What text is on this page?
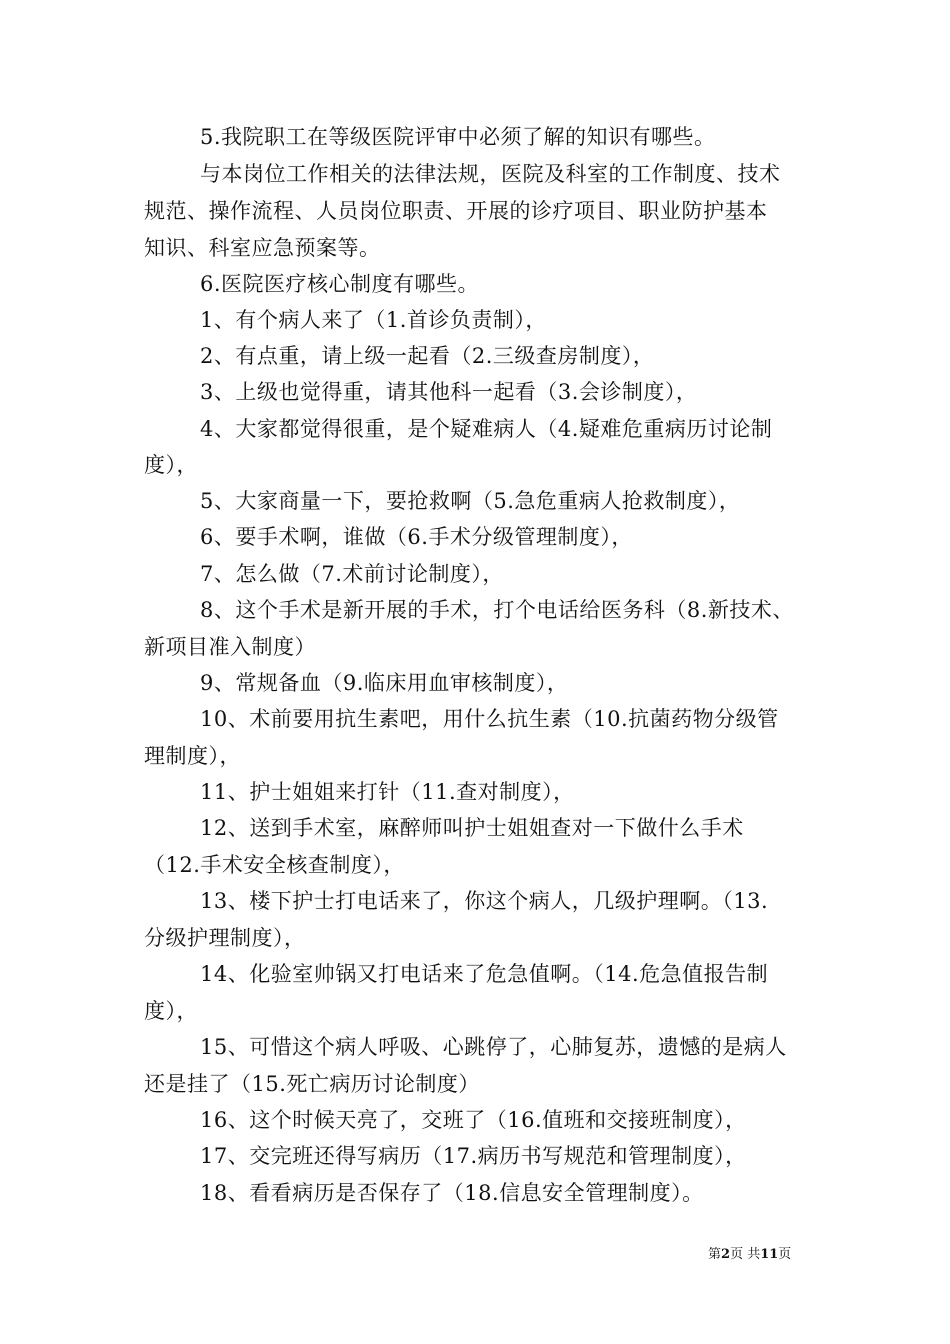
5.我院职工在等级医院评审中必须了解的知识有哪些。
与本岗位工作相关的法律法规，医院及科室的工作制度、技术
规范、操作流程、人员岗位职责、开展的诊疗项目、职业防护基本
知识、科室应急预案等。
6.医院医疗核心制度有哪些。
1、有个病人来了（1.首诊负责制），
2、有点重，请上级一起看（2.三级查房制度），
3、上级也觉得重，请其他科一起看（3.会诊制度），
4、大家都觉得很重，是个疑难病人（4.疑难危重病历讨论制
度），
5、大家商量一下，要抢救啊（5.急危重病人抢救制度），
6、要手术啊，谁做（6.手术分级管理制度），
7、怎么做（7.术前讨论制度），
8、这个手术是新开展的手术，打个电话给医务科（8.新技术、
新项目准入制度）
9、常规备血（9.临床用血审核制度），
10、术前要用抗生素吧，用什么抗生素（10.抗菌药物分级管
理制度），
11、护士姐姐来打针（11.查对制度），
12、送到手术室，麻醉师叫护士姐姐查对一下做什么手术
（12.手术安全核查制度），
13、楼下护士打电话来了，你这个病人，几级护理啊。（13.
分级护理制度），
14、化验室帅锅又打电话来了危急值啊。（14.危急值报告制
度），
15、可惜这个病人呼吸、心跳停了，心肺复苏，遗憾的是病人
还是挂了（15.死亡病历讨论制度）
16、这个时候天亮了，交班了（16.值班和交接班制度），
17、交完班还得写病历（17.病历书写规范和管理制度），
18、看看病历是否保存了（18.信息安全管理制度）。
第2页 共11页
